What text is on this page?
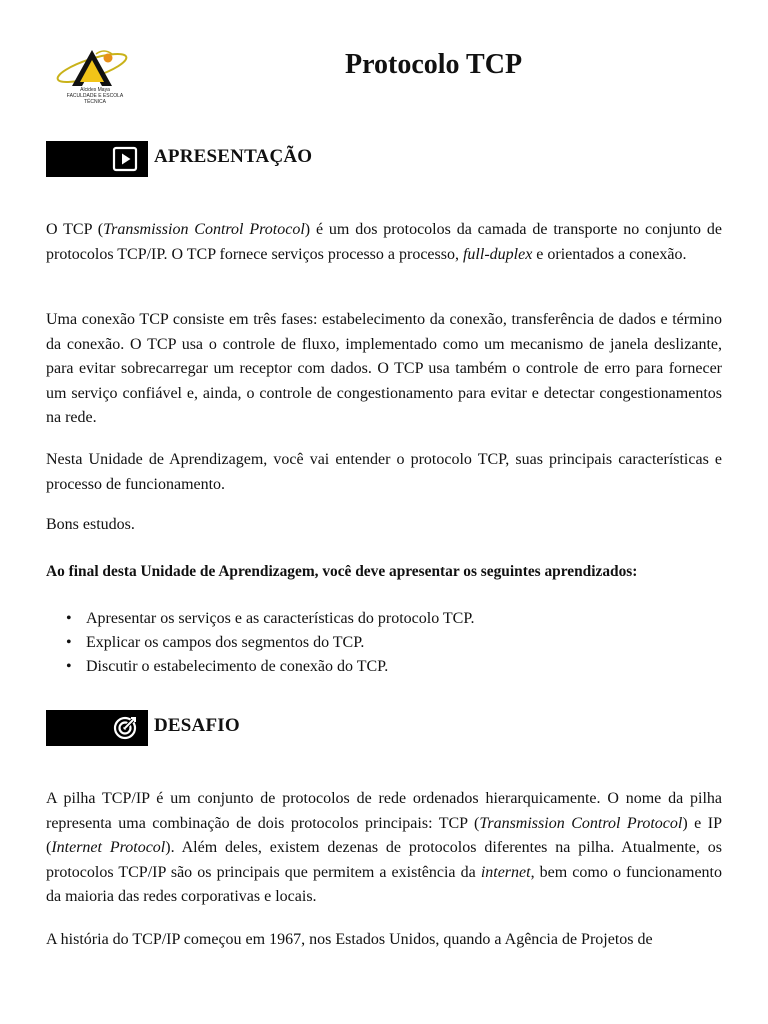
Alcides Maya
FACULDADE E ESCOLA TÉCNICA
Protocolo TCP
APRESENTAÇÃO

O TCP (Transmission Control Protocol) é um dos protocolos da camada de transporte no conjunto de protocolos TCP/IP. O TCP fornece serviços processo a processo, full-duplex e orientados a conexão.

Uma conexão TCP consiste em três fases: estabelecimento da conexão, transferência de dados e término da conexão. O TCP usa o controle de fluxo, implementado como um mecanismo de janela deslizante, para evitar sobrecarregar um receptor com dados. O TCP usa também o controle de erro para fornecer um serviço confiável e, ainda, o controle de congestionamento para evitar e detectar congestionamentos na rede.

Nesta Unidade de Aprendizagem, você vai entender o protocolo TCP, suas principais características e processo de funcionamento.

Bons estudos.

Ao final desta Unidade de Aprendizagem, você deve apresentar os seguintes aprendizados:

• Apresentar os serviços e as características do protocolo TCP.
• Explicar os campos dos segmentos do TCP.
• Discutir o estabelecimento de conexão do TCP.
DESAFIO

A pilha TCP/IP é um conjunto de protocolos de rede ordenados hierarquicamente. O nome da pilha representa uma combinação de dois protocolos principais: TCP (Transmission Control Protocol) e IP (Internet Protocol). Além deles, existem dezenas de protocolos diferentes na pilha. Atualmente, os protocolos TCP/IP são os principais que permitem a existência da internet, bem como o funcionamento da maioria das redes corporativas e locais.

A história do TCP/IP começou em 1967, nos Estados Unidos, quando a Agência de Projetos de
